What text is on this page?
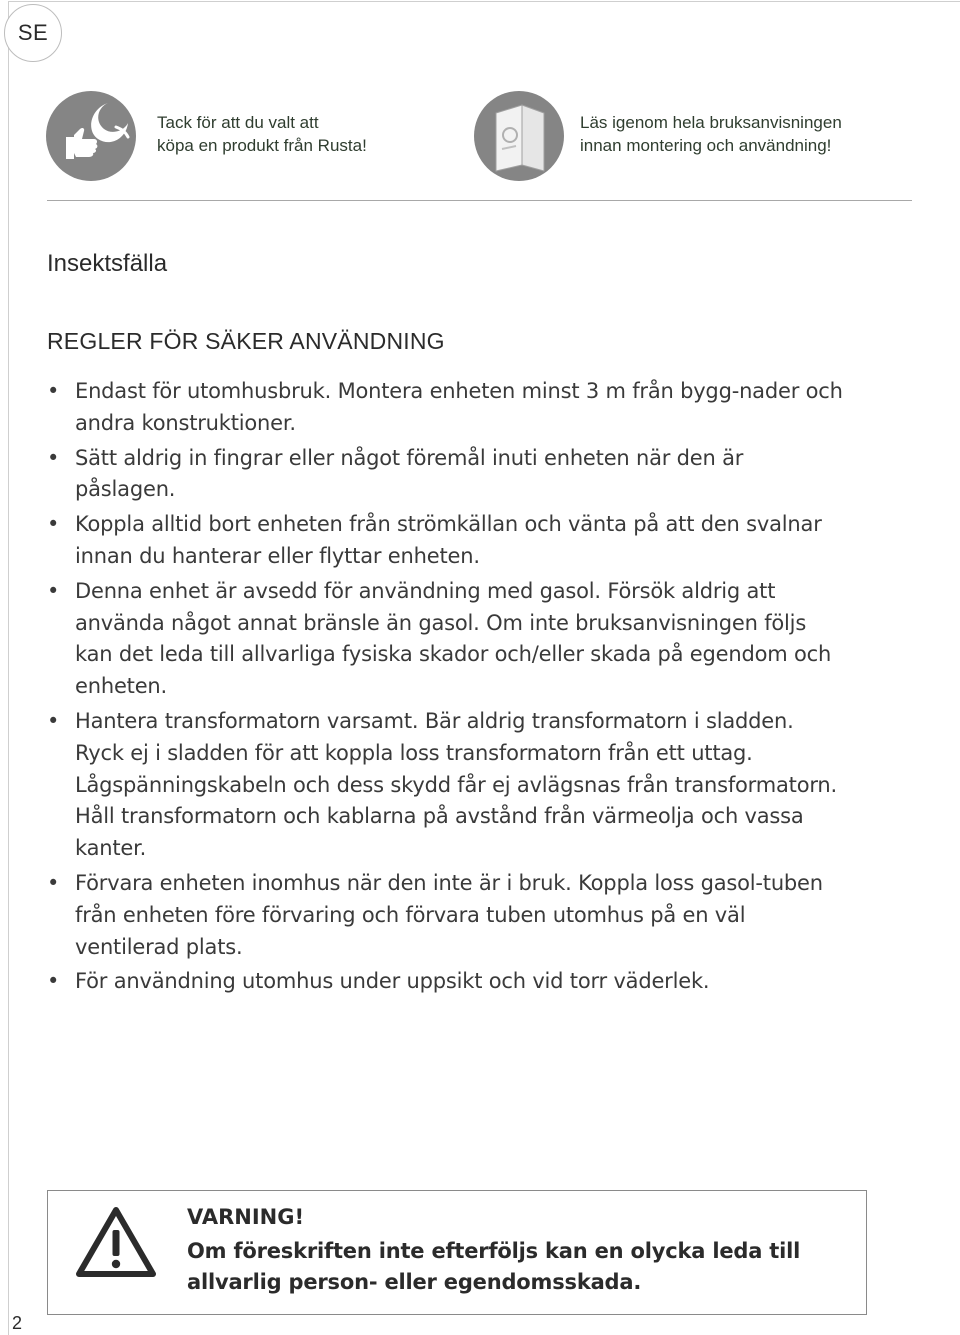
SE
Tack för att du valt att
köpa en produkt från Rusta!
Läs igenom hela bruksanvisningen
innan montering och användning!
Insektsfälla
REGLER FÖR SÄKER ANVÄNDNING
• Endast för utomhusbruk. Montera enheten minst 3 m från bygg-nader och andra konstruktioner.
• Sätt aldrig in fingrar eller något föremål inuti enheten när den är påslagen.
• Koppla alltid bort enheten från strömkällan och vänta på att den svalnar innan du hanterar eller flyttar enheten.
• Denna enhet är avsedd för användning med gasol. Försök aldrig att använda något annat bränsle än gasol. Om inte bruksanvisningen följs kan det leda till allvarliga fysiska skador och/eller skada på egendom och enheten.
• Hantera transformatorn varsamt. Bär aldrig transformatorn i sladden. Ryck ej i sladden för att koppla loss transformatorn från ett uttag. Lågspänningskabeln och dess skydd får ej avlägsnas från transformatorn. Håll transformatorn och kablarna på avstånd från värmeolja och vassa kanter.
• Förvara enheten inomhus när den inte är i bruk. Koppla loss gasol-tuben från enheten före förvaring och förvara tuben utomhus på en väl ventilerad plats.
• För användning utomhus under uppsikt och vid torr väderlek.
VARNING!
Om föreskriften inte efterföljs kan en olycka leda till allvarlig person- eller egendomsskada.
2
